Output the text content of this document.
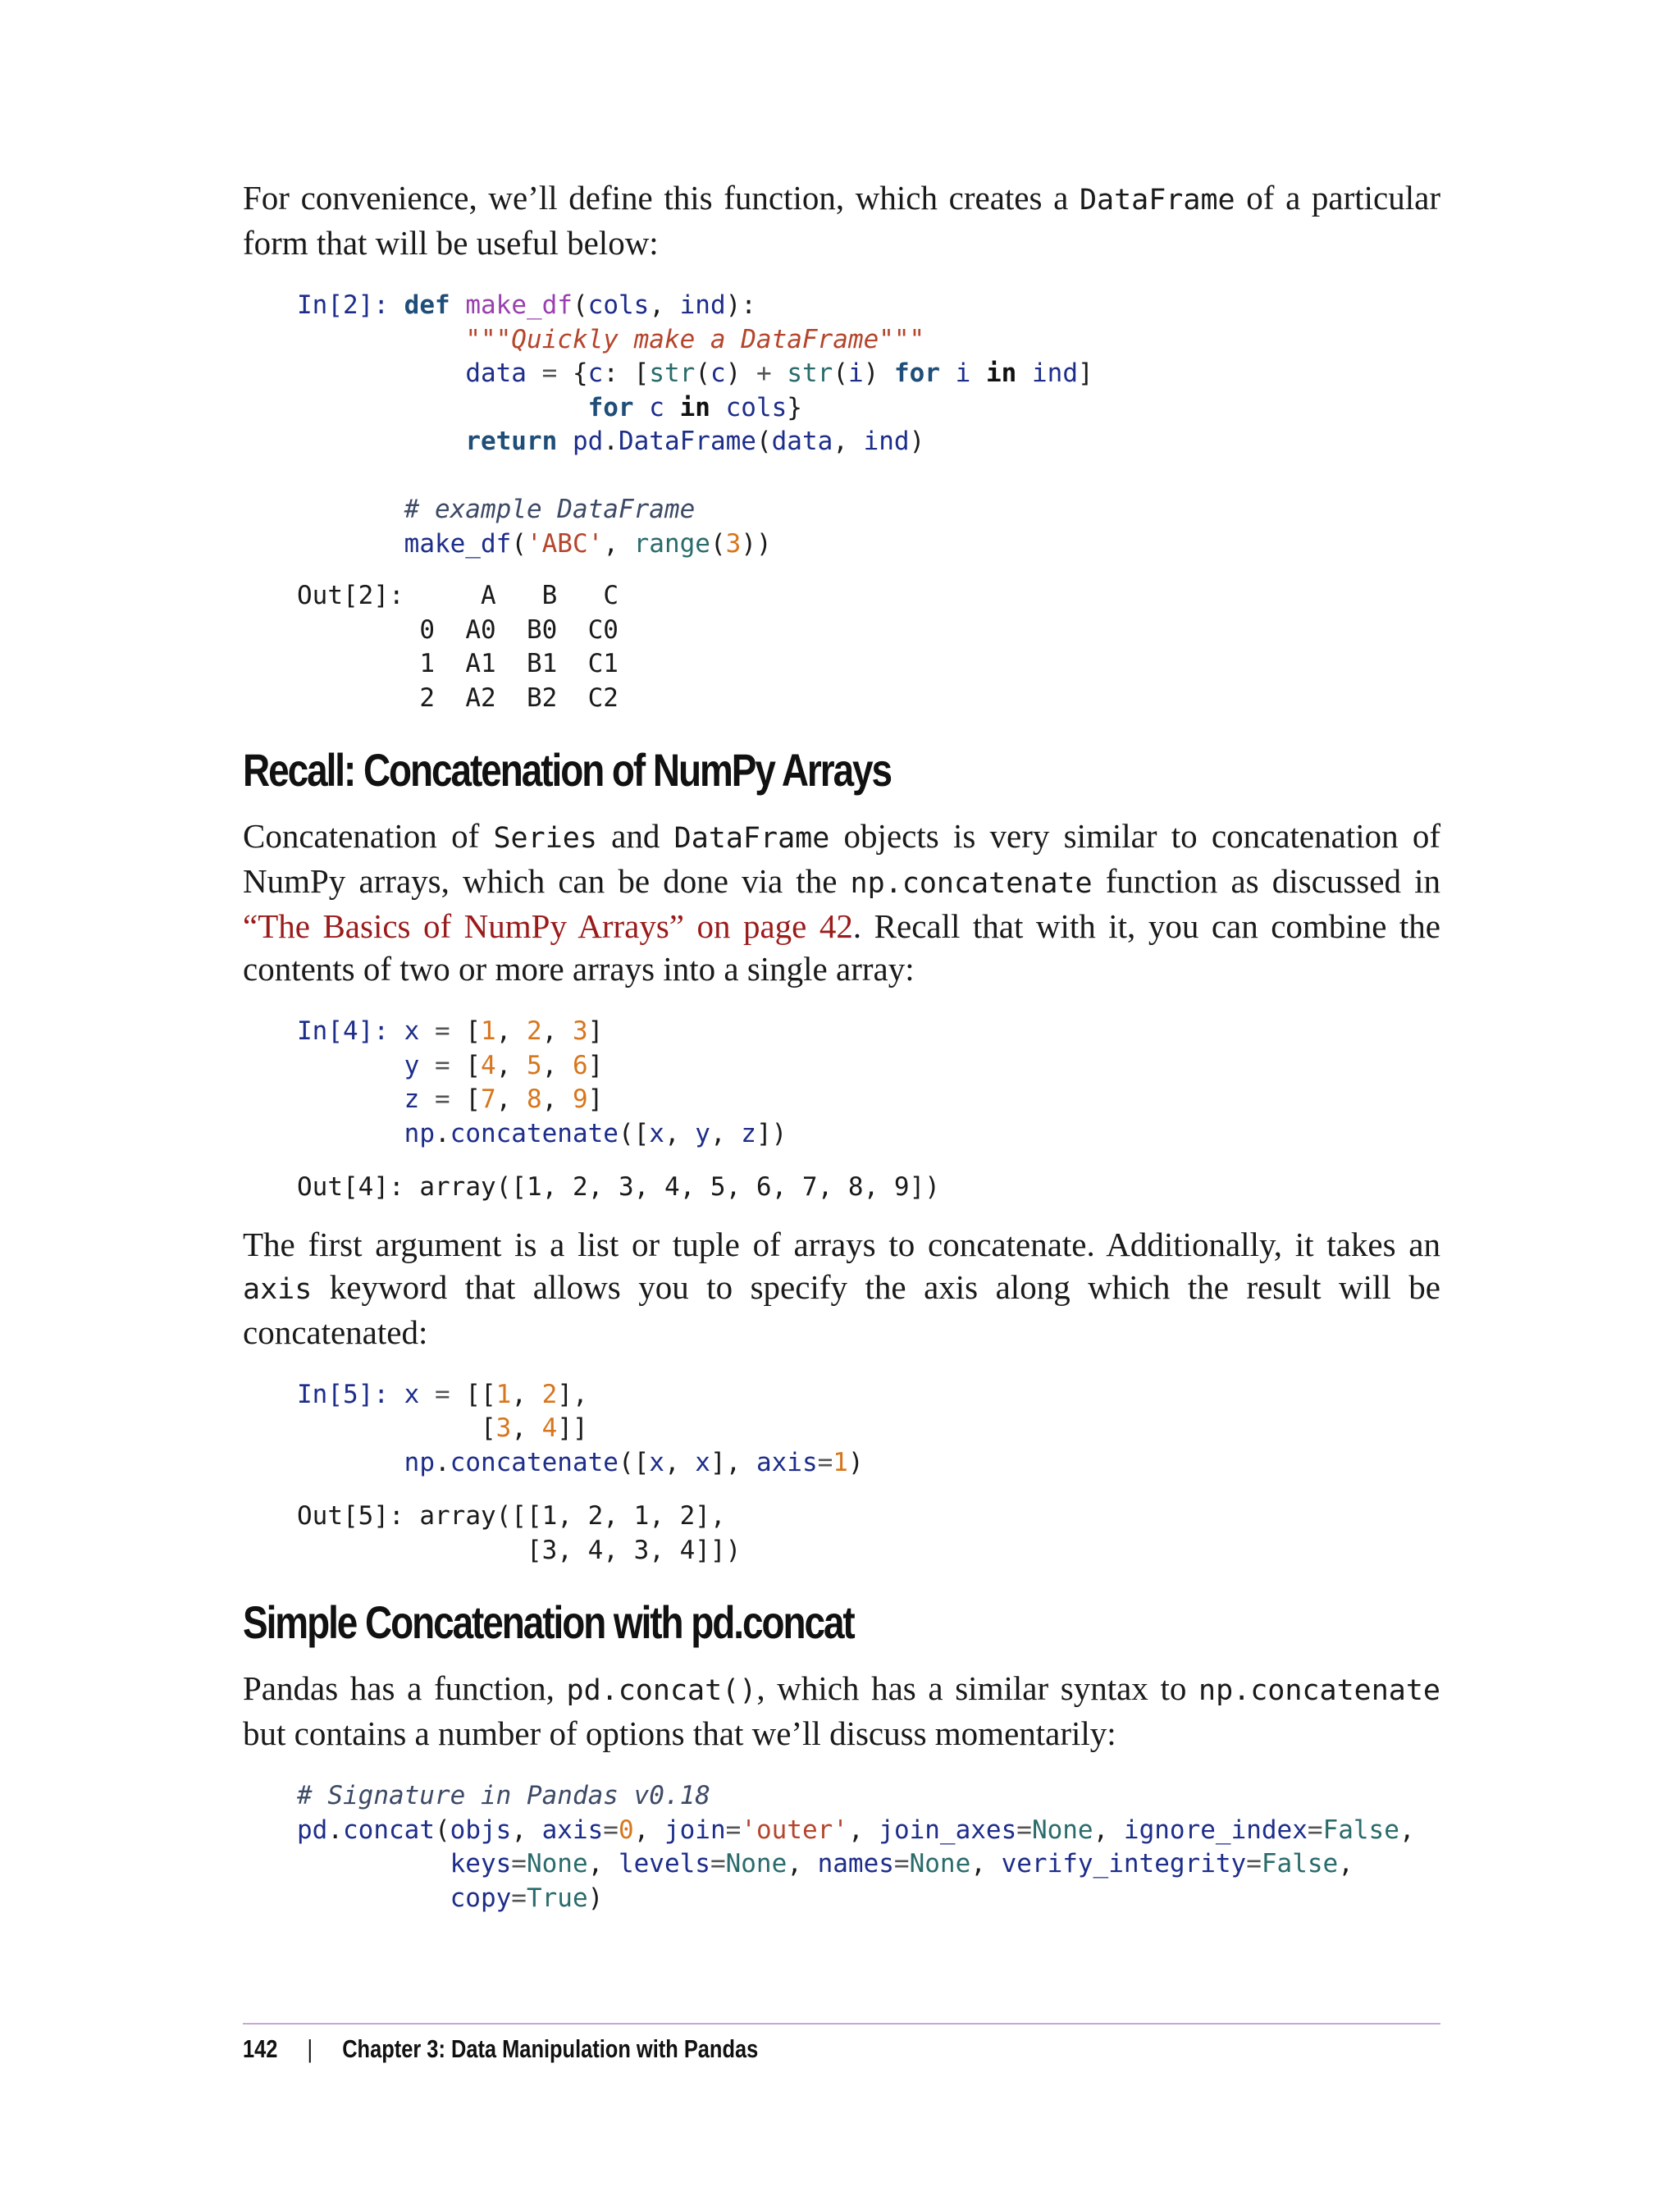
For convenience, we’ll define this function, which creates a DataFrame of a particular form that will be useful below:

In[2]: def make_df(cols, ind):
"""Quickly make a DataFrame"""
data = {c: [str(c) + str(i) for i in ind]
for c in cols}
return pd.DataFrame(data, ind)

# example DataFrame
make_df('ABC', range(3))
Out[2]:	A B C
0 A0 B0 C0
1 A1 B1 C1
2 A2 B2 C2
Recall: Concatenation of NumPy Arrays

Concatenation of Series and DataFrame objects is very similar to concatenation of NumPy arrays, which can be done via the np.concatenate function as discussed in “The Basics of NumPy Arrays” on page 42. Recall that with it, you can combine the contents of two or more arrays into a single array:

In[4]: x = [1, 2, 3]
y = [4, 5, 6]
z = [7, 8, 9]
np.concatenate([x, y, z])
Out[4]: array([1, 2, 3, 4, 5, 6, 7, 8, 9])

The first argument is a list or tuple of arrays to concatenate. Additionally, it takes an axis keyword that allows you to specify the axis along which the result will be concatenated:

In[5]: x = [[1, 2],
[3, 4]]
np.concatenate([x, x], axis=1)
Out[5]: array([[1, 2, 1, 2],
[3, 4, 3, 4]])
Simple Concatenation with pd.concat

Pandas has a function, pd.concat(), which has a similar syntax to np.concatenate but contains a number of options that we’ll discuss momentarily:

# Signature in Pandas v0.18
pd.concat(objs, axis=0, join='outer', join_axes=None, ignore_index=False,
keys=None, levels=None, names=None, verify_integrity=False,
copy=True)
142 | Chapter 3: Data Manipulation with Pandas
